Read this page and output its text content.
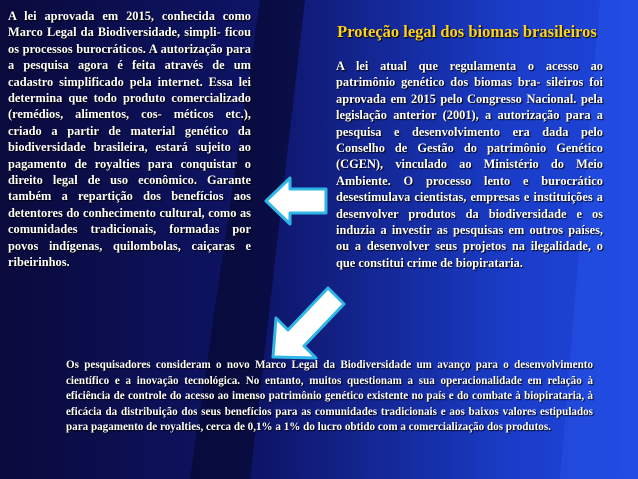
A lei aprovada em 2015, conhecida como Marco Legal da Biodiversidade, simpli- ficou os processos burocráticos. A autorização para a pesquisa agora é feita através de um cadastro simplificado pela internet. Essa lei determina que todo produto comercializado (remédios, alimentos, cos- méticos etc.), criado a partir de material genético da biodiversidade brasileira, estará sujeito ao pagamento de royalties para conquistar o direito legal de uso econômico. Garante também a repartição dos benefícios aos detentores do conhecimento cultural, como as comunidades tradicionais, formadas por povos indígenas, quilombolas, caiçaras e ribeirinhos.

Proteção legal dos biomas brasileiros

A lei atual que regulamenta o acesso ao patrimônio genético dos biomas bra- sileiros foi aprovada em 2015 pelo Congresso Nacional. pela legislação anterior (2001), a autorização para a pesquisa e desenvolvimento era dada pelo Conselho de Gestão do patrimônio Genético (CGEN), vinculado ao Ministério do Meio Ambiente. O processo lento e burocrático desestimulava cientistas, empresas e instituições a desenvolver produtos da biodiversidade e os induzia a investir as pesquisas em outros países, ou a desenvolver seus projetos na ilegalidade, o que constitui crime de biopirataria.

Os pesquisadores consideram o novo Marco Legal da Biodiversidade um avanço para o desenvolvimento científico e a inovação tecnológica. No entanto, muitos questionam a sua operacionalidade em relação à eficiência de controle do acesso ao imenso patrimônio genético existente no país e do combate à biopirataria, à eficácia da distribuição dos seus benefícios para as comunidades tradicionais e aos baixos valores estipulados para pagamento de royalties, cerca de 0,1% a 1% do lucro obtido com a comercialização dos produtos.
